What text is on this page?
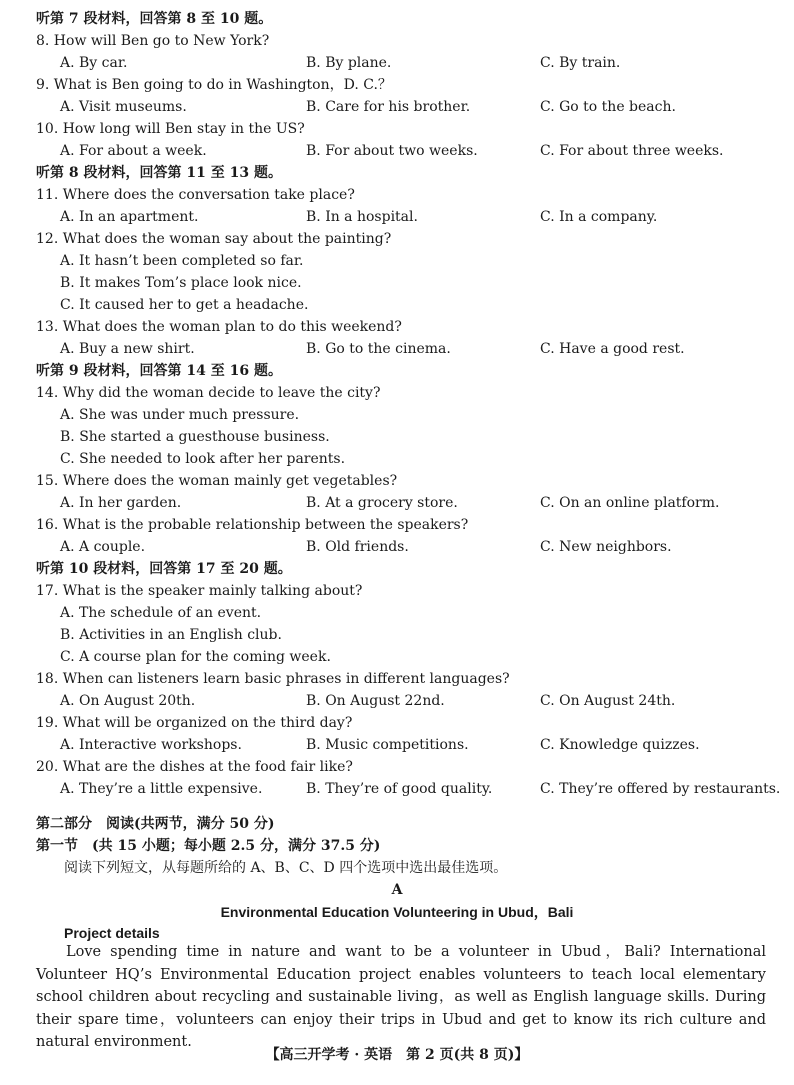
听第 7 段材料，回答第 8 至 10 题。
8. How will Ben go to New York?
A. By car.	B. By plane.	C. By train.
9. What is Ben going to do in Washington，D. C.？
A. Visit museums.	B. Care for his brother.	C. Go to the beach.
10. How long will Ben stay in the US?
A. For about a week.	B. For about two weeks.	C. For about three weeks.
听第 8 段材料，回答第 11 至 13 题。
11. Where does the conversation take place?
A. In an apartment.	B. In a hospital.	C. In a company.
12. What does the woman say about the painting?
A. It hasn’t been completed so far.
B. It makes Tom’s place look nice.
C. It caused her to get a headache.
13. What does the woman plan to do this weekend?
A. Buy a new shirt.	B. Go to the cinema.	C. Have a good rest.
听第 9 段材料，回答第 14 至 16 题。
14. Why did the woman decide to leave the city?
A. She was under much pressure.
B. She started a guesthouse business.
C. She needed to look after her parents.
15. Where does the woman mainly get vegetables?
A. In her garden.	B. At a grocery store.	C. On an online platform.
16. What is the probable relationship between the speakers?
A. A couple.	B. Old friends.	C. New neighbors.
听第 10 段材料，回答第 17 至 20 题。
17. What is the speaker mainly talking about?
A. The schedule of an event.
B. Activities in an English club.
C. A course plan for the coming week.
18. When can listeners learn basic phrases in different languages?
A. On August 20th.	B. On August 22nd.	C. On August 24th.
19. What will be organized on the third day?
A. Interactive workshops.	B. Music competitions.	C. Knowledge quizzes.
20. What are the dishes at the food fair like?
A. They’re a little expensive.	B. They’re of good quality.	C. They’re offered by restaurants.
第二部分　阅读(共两节，满分 50 分)
第一节　(共 15 小题；每小题 2.5 分，满分 37.5 分)
阅读下列短文，从每题所给的 A、B、C、D 四个选项中选出最佳选项。
A
Environmental Education Volunteering in Ubud，Bali
Project details
Love spending time in nature and want to be a volunteer in Ubud，Bali? International Volunteer HQ’s Environmental Education project enables volunteers to teach local elementary school children about recycling and sustainable living，as well as English language skills. During their spare time，volunteers can enjoy their trips in Ubud and get to know its rich culture and natural environment.
【高三开学考 · 英语　第 2 页(共 8 页)】
